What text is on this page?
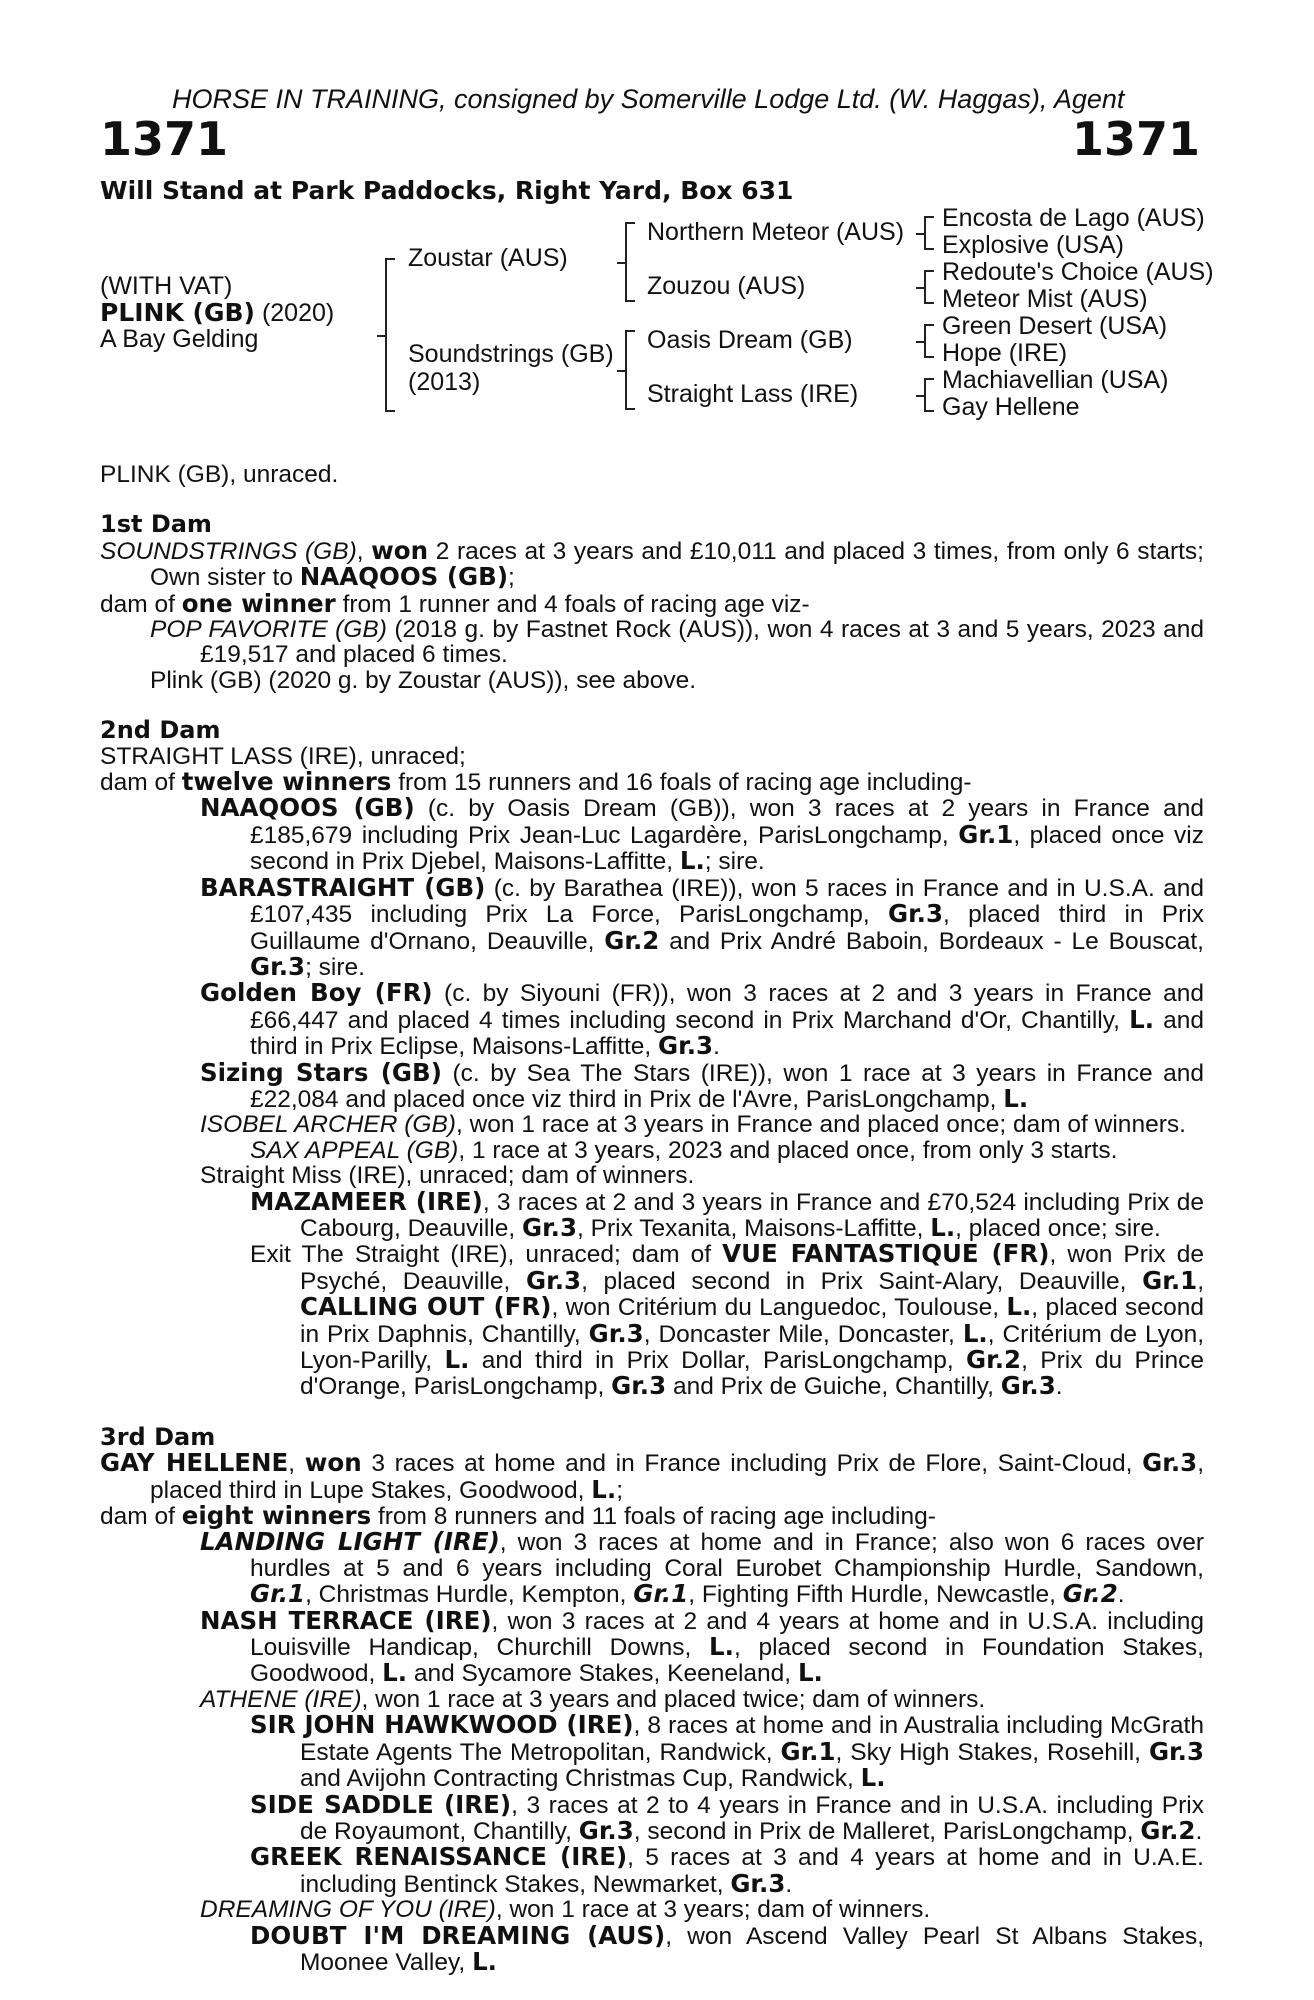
HORSE IN TRAINING, consigned by Somerville Lodge Ltd. (W. Haggas), Agent
1371	1371
Will Stand at Park Paddocks, Right Yard, Box 631
(WITH VAT)
PLINK (GB) (2020)
A Bay Gelding
Zoustar (AUS)
Soundstrings (GB)
(2013)
Northern Meteor (AUS)
Zouzou (AUS)
Oasis Dream (GB)
Straight Lass (IRE)
Encosta de Lago (AUS)
Explosive (USA)
Redoute's Choice (AUS)
Meteor Mist (AUS)
Green Desert (USA)
Hope (IRE)
Machiavellian (USA)
Gay Hellene

PLINK (GB), unraced.

1st Dam

SOUNDSTRINGS (GB), won 2 races at 3 years and £10,011 and placed 3 times, from only 6 starts; Own sister to NAAQOOS (GB);

dam of one winner from 1 runner and 4 foals of racing age viz-

POP FAVORITE (GB) (2018 g. by Fastnet Rock (AUS)), won 4 races at 3 and 5 years, 2023 and £19,517 and placed 6 times.

Plink (GB) (2020 g. by Zoustar (AUS)), see above.

2nd Dam

STRAIGHT LASS (IRE), unraced;

dam of twelve winners from 15 runners and 16 foals of racing age including-

NAAQOOS (GB) (c. by Oasis Dream (GB)), won 3 races at 2 years in France and £185,679 including Prix Jean-Luc Lagardère, ParisLongchamp, Gr.1, placed once viz second in Prix Djebel, Maisons-Laffitte, L.; sire.

BARASTRAIGHT (GB) (c. by Barathea (IRE)), won 5 races in France and in U.S.A. and £107,435 including Prix La Force, ParisLongchamp, Gr.3, placed third in Prix Guillaume d'Ornano, Deauville, Gr.2 and Prix André Baboin, Bordeaux - Le Bouscat, Gr.3; sire.

Golden Boy (FR) (c. by Siyouni (FR)), won 3 races at 2 and 3 years in France and £66,447 and placed 4 times including second in Prix Marchand d'Or, Chantilly, L. and third in Prix Eclipse, Maisons-Laffitte, Gr.3.

Sizing Stars (GB) (c. by Sea The Stars (IRE)), won 1 race at 3 years in France and £22,084 and placed once viz third in Prix de l'Avre, ParisLongchamp, L.

ISOBEL ARCHER (GB), won 1 race at 3 years in France and placed once; dam of winners.

SAX APPEAL (GB), 1 race at 3 years, 2023 and placed once, from only 3 starts.

Straight Miss (IRE), unraced; dam of winners.

MAZAMEER (IRE), 3 races at 2 and 3 years in France and £70,524 including Prix de Cabourg, Deauville, Gr.3, Prix Texanita, Maisons-Laffitte, L., placed once; sire.

Exit The Straight (IRE), unraced; dam of VUE FANTASTIQUE (FR), won Prix de Psyché, Deauville, Gr.3, placed second in Prix Saint-Alary, Deauville, Gr.1, CALLING OUT (FR), won Critérium du Languedoc, Toulouse, L., placed second in Prix Daphnis, Chantilly, Gr.3, Doncaster Mile, Doncaster, L., Critérium de Lyon, Lyon-Parilly, L. and third in Prix Dollar, ParisLongchamp, Gr.2, Prix du Prince d'Orange, ParisLongchamp, Gr.3 and Prix de Guiche, Chantilly, Gr.3.

3rd Dam

GAY HELLENE, won 3 races at home and in France including Prix de Flore, Saint-Cloud, Gr.3, placed third in Lupe Stakes, Goodwood, L.;

dam of eight winners from 8 runners and 11 foals of racing age including-

LANDING LIGHT (IRE), won 3 races at home and in France; also won 6 races over hurdles at 5 and 6 years including Coral Eurobet Championship Hurdle, Sandown, Gr.1, Christmas Hurdle, Kempton, Gr.1, Fighting Fifth Hurdle, Newcastle, Gr.2.

NASH TERRACE (IRE), won 3 races at 2 and 4 years at home and in U.S.A. including Louisville Handicap, Churchill Downs, L., placed second in Foundation Stakes, Goodwood, L. and Sycamore Stakes, Keeneland, L.

ATHENE (IRE), won 1 race at 3 years and placed twice; dam of winners.

SIR JOHN HAWKWOOD (IRE), 8 races at home and in Australia including McGrath Estate Agents The Metropolitan, Randwick, Gr.1, Sky High Stakes, Rosehill, Gr.3 and Avijohn Contracting Christmas Cup, Randwick, L.

SIDE SADDLE (IRE), 3 races at 2 to 4 years in France and in U.S.A. including Prix de Royaumont, Chantilly, Gr.3, second in Prix de Malleret, ParisLongchamp, Gr.2.

GREEK RENAISSANCE (IRE), 5 races at 3 and 4 years at home and in U.A.E. including Bentinck Stakes, Newmarket, Gr.3.

DREAMING OF YOU (IRE), won 1 race at 3 years; dam of winners.

DOUBT I'M DREAMING (AUS), won Ascend Valley Pearl St Albans Stakes, Moonee Valley, L.
